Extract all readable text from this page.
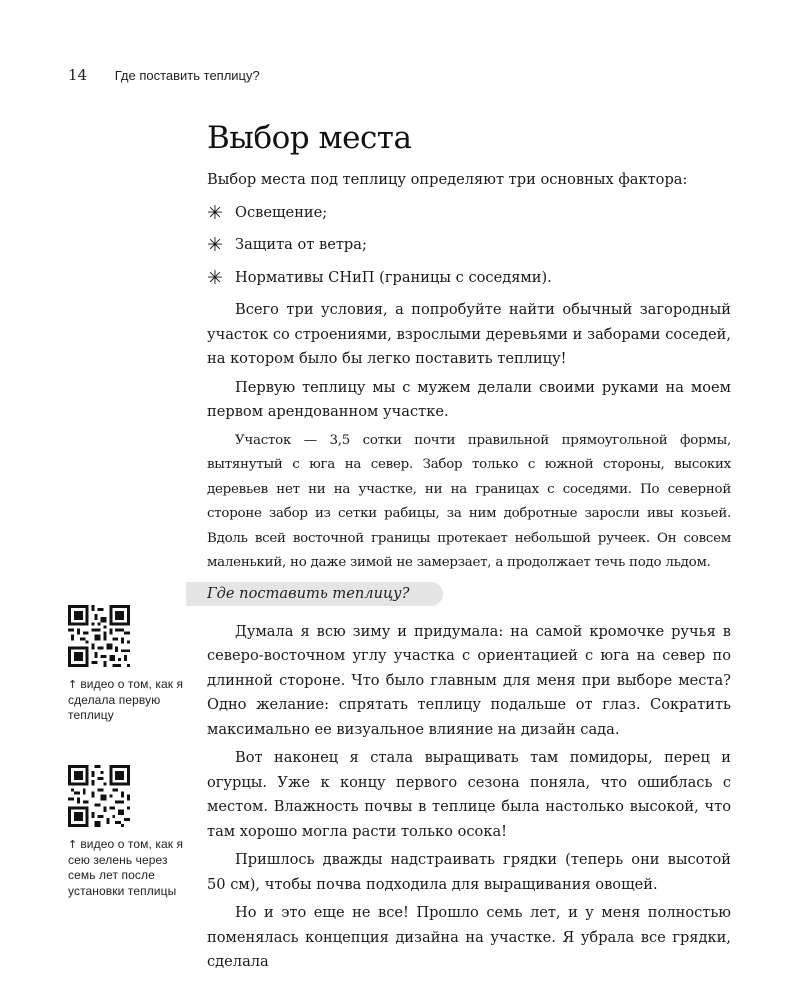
14 Где поставить теплицу?
Выбор места

Выбор места под теплицу определяют три основных фактора:

✳ Освещение;
✳ Защита от ветра;
✳ Нормативы СНиП (границы с соседями).

Всего три условия, а попробуйте найти обычный загородный участок со строениями, взрослыми деревьями и заборами соседей, на котором было бы легко поставить теплицу!

Первую теплицу мы с мужем делали своими руками на моем первом арендованном участке.

Участок — 3,5 сотки почти правильной прямоугольной формы, вытянутый с юга на север. Забор только с южной стороны, высоких деревьев нет ни на участке, ни на границах с соседями. По северной стороне забор из сетки рабицы, за ним добротные заросли ивы козьей. Вдоль всей восточной границы протекает небольшой ручеек. Он совсем маленький, но даже зимой не замерзает, а продолжает течь подо льдом.

Где поставить теплицу?

Думала я всю зиму и придумала: на самой кромочке ручья в северо-восточном углу участка с ориентацией с юга на север по длинной стороне. Что было главным для меня при выборе места? Одно желание: спрятать теплицу подальше от глаз. Сократить максимально ее визуальное влияние на дизайн сада.

Вот наконец я стала выращивать там помидоры, перец и огурцы. Уже к концу первого сезона поняла, что ошиблась с местом. Влажность почвы в теплице была настолько высокой, что там хорошо могла расти только осока!

Пришлось дважды надстраивать грядки (теперь они высотой 50 см), чтобы почва подходила для выращивания овощей.

Но и это еще не все! Прошло семь лет, и у меня полностью поменялась концепция дизайна на участке. Я убрала все грядки, сделала

↑ видео о том, как я сделала первую теплицу
↑ видео о том, как я сею зелень через семь лет после установки теплицы
